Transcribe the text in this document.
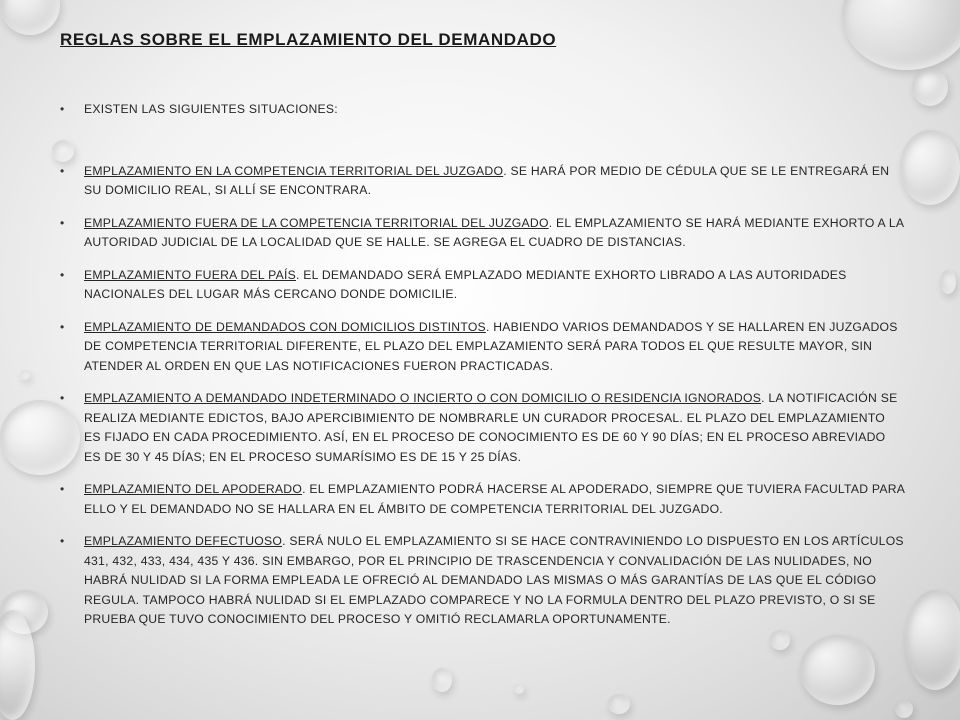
REGLAS SOBRE EL EMPLAZAMIENTO DEL DEMANDADO
• EXISTEN LAS SIGUIENTES SITUACIONES:
• EMPLAZAMIENTO EN LA COMPETENCIA TERRITORIAL DEL JUZGADO. SE HARÁ POR MEDIO DE CÉDULA QUE SE LE ENTREGARÁ EN SU DOMICILIO REAL, SI ALLÍ SE ENCONTRARA.
• EMPLAZAMIENTO FUERA DE LA COMPETENCIA TERRITORIAL DEL JUZGADO. EL EMPLAZAMIENTO SE HARÁ MEDIANTE EXHORTO A LA AUTORIDAD JUDICIAL DE LA LOCALIDAD QUE SE HALLE. SE AGREGA EL CUADRO DE DISTANCIAS.
• EMPLAZAMIENTO FUERA DEL PAÍS. EL DEMANDADO SERÁ EMPLAZADO MEDIANTE EXHORTO LIBRADO A LAS AUTORIDADES NACIONALES DEL LUGAR MÁS CERCANO DONDE DOMICILIE.
• EMPLAZAMIENTO DE DEMANDADOS CON DOMICILIOS DISTINTOS. HABIENDO VARIOS DEMANDADOS Y SE HALLAREN EN JUZGADOS DE COMPETENCIA TERRITORIAL DIFERENTE, EL PLAZO DEL EMPLAZAMIENTO SERÁ PARA TODOS EL QUE RESULTE MAYOR, SIN ATENDER AL ORDEN EN QUE LAS NOTIFICACIONES FUERON PRACTICADAS.
• EMPLAZAMIENTO A DEMANDADO INDETERMINADO O INCIERTO O CON DOMICILIO O RESIDENCIA IGNORADOS. LA NOTIFICACIÓN SE REALIZA MEDIANTE EDICTOS, BAJO APERCIBIMIENTO DE NOMBRARLE UN CURADOR PROCESAL. EL PLAZO DEL EMPLAZAMIENTO ES FIJADO EN CADA PROCEDIMIENTO. ASÍ, EN EL PROCESO DE CONOCIMIENTO ES DE 60 Y 90 DÍAS; EN EL PROCESO ABREVIADO ES DE 30 Y 45 DÍAS; EN EL PROCESO SUMARÍSIMO ES DE 15 Y 25 DÍAS.
• EMPLAZAMIENTO DEL APODERADO. EL EMPLAZAMIENTO PODRÁ HACERSE AL APODERADO, SIEMPRE QUE TUVIERA FACULTAD PARA ELLO Y EL DEMANDADO NO SE HALLARA EN EL ÁMBITO DE COMPETENCIA TERRITORIAL DEL JUZGADO.
• EMPLAZAMIENTO DEFECTUOSO. SERÁ NULO EL EMPLAZAMIENTO SI SE HACE CONTRAVINIENDO LO DISPUESTO EN LOS ARTÍCULOS 431, 432, 433, 434, 435 Y 436. SIN EMBARGO, POR EL PRINCIPIO DE TRASCENDENCIA Y CONVALIDACIÓN DE LAS NULIDADES, NO HABRÁ NULIDAD SI LA FORMA EMPLEADA LE OFRECIÓ AL DEMANDADO LAS MISMAS O MÁS GARANTÍAS DE LAS QUE EL CÓDIGO REGULA. TAMPOCO HABRÁ NULIDAD SI EL EMPLAZADO COMPARECE Y NO LA FORMULA DENTRO DEL PLAZO PREVISTO, O SI SE PRUEBA QUE TUVO CONOCIMIENTO DEL PROCESO Y OMITIÓ RECLAMARLA OPORTUNAMENTE.
